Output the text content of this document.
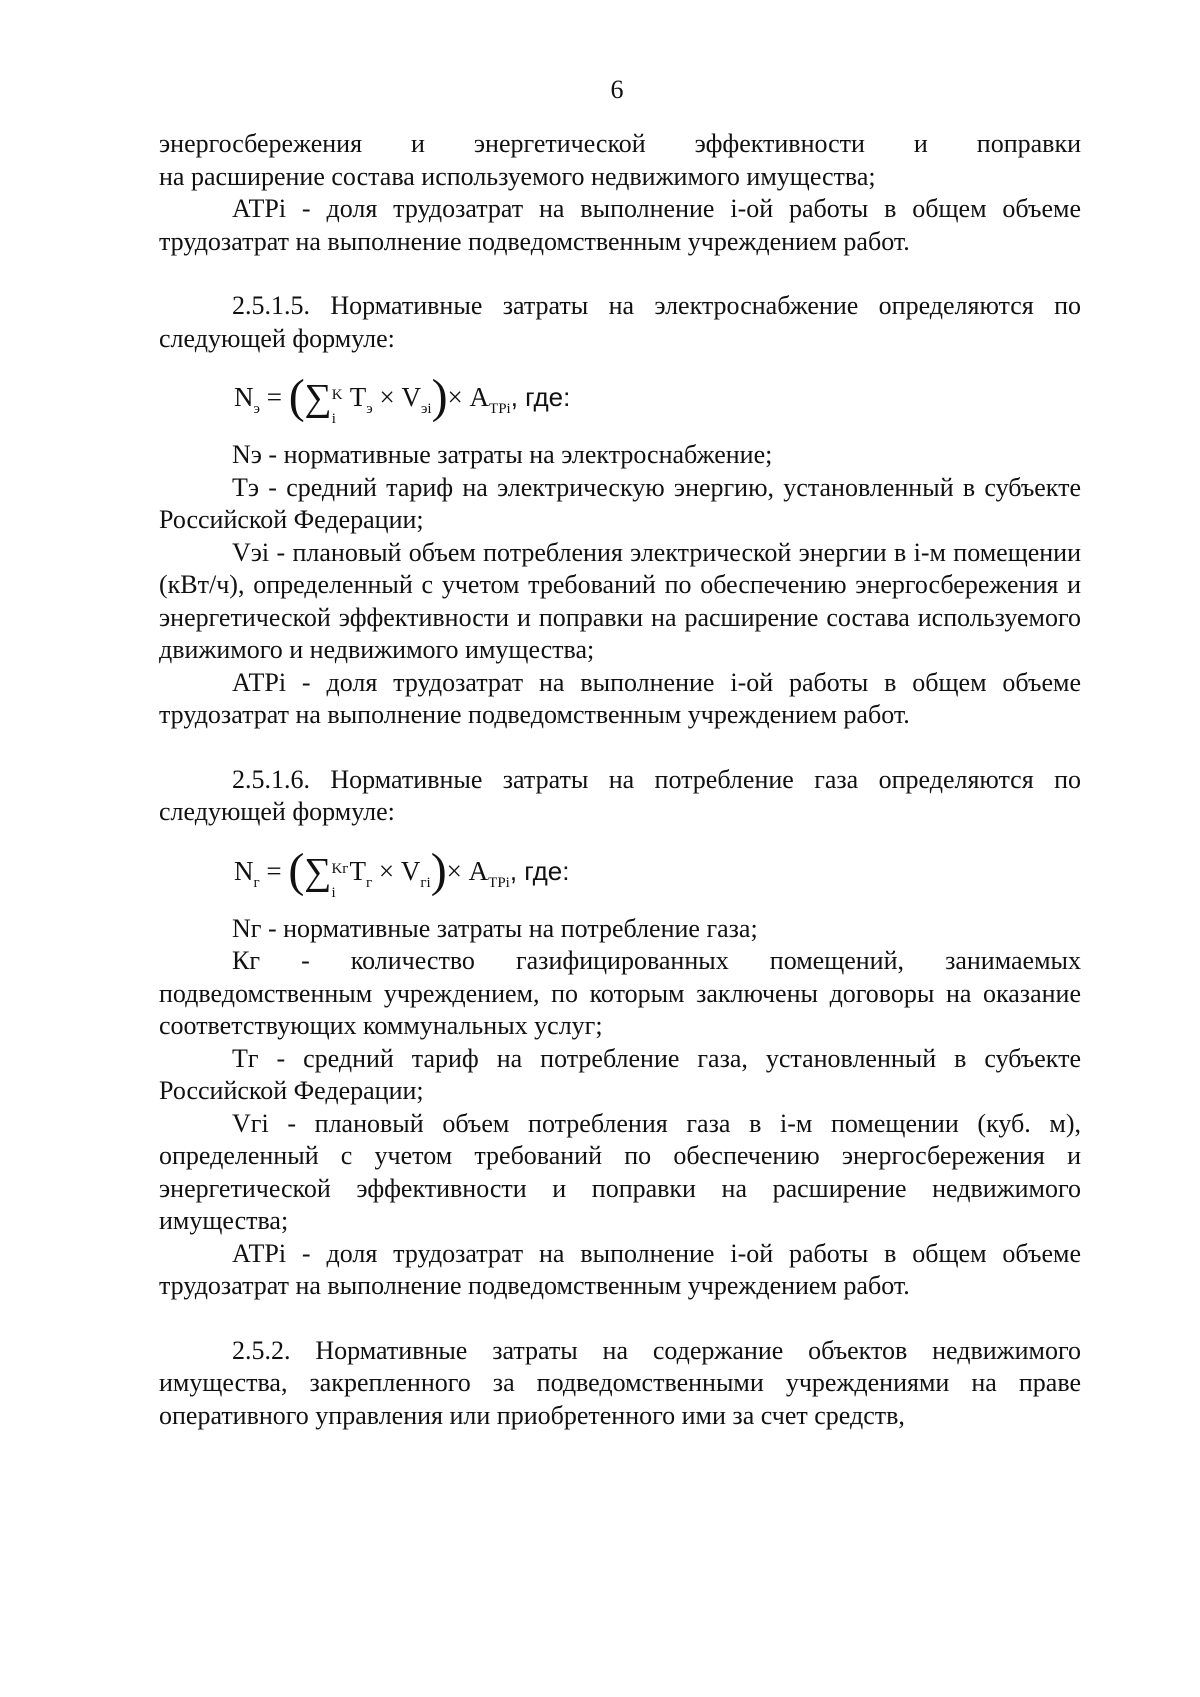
6

энергосбережения и энергетической эффективности и поправки

на расширение состава используемого недвижимого имущества;

АТРi - доля трудозатрат на выполнение i-ой работы в общем объеме трудозатрат на выполнение подведомственным учреждением работ.

2.5.1.5. Нормативные затраты на электроснабжение определяются по следующей формуле:

$N_э$ = (∑ K
i
$T_э \times V_{эi})\times A_{TPi}$, где:

Nэ - нормативные затраты на электроснабжение;

Тэ - средний тариф на электрическую энергию, установленный в субъекте Российской Федерации;

Vэi - плановый объем потребления электрической энергии в i-м помещении (кВт/ч), определенный с учетом требований по обеспечению энергосбережения и энергетической эффективности и поправки на расширение состава используемого движимого и недвижимого имущества;

АТРi - доля трудозатрат на выполнение i-ой работы в общем объеме трудозатрат на выполнение подведомственным учреждением работ.

2.5.1.6. Нормативные затраты на потребление газа определяются по следующей формуле:

$N_г$ = (∑ Kг
i
$T_г \times V_{гi})\times A_{TPi}$, где:

Nг - нормативные затраты на потребление газа;

Кг - количество газифицированных помещений, занимаемых подведомственным учреждением, по которым заключены договоры на оказание соответствующих коммунальных услуг;

Тг - средний тариф на потребление газа, установленный в субъекте Российской Федерации;

Vгi - плановый объем потребления газа в i-м помещении (куб. м), определенный с учетом требований по обеспечению энергосбережения и энергетической эффективности и поправки на расширение недвижимого имущества;

АТРi - доля трудозатрат на выполнение i-ой работы в общем объеме трудозатрат на выполнение подведомственным учреждением работ.

2.5.2. Нормативные затраты на содержание объектов недвижимого имущества, закрепленного за подведомственными учреждениями на праве оперативного управления или приобретенного ими за счет средств,
